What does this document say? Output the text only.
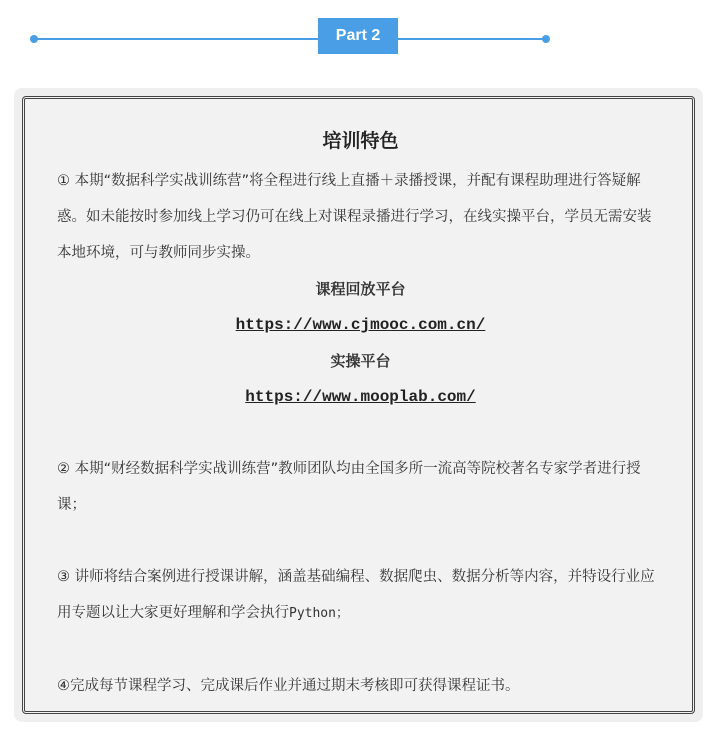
Part 2
培训特色

① 本期“数据科学实战训练营”将全程进行线上直播＋录播授课，并配有课程助理进行答疑解惑。如未能按时参加线上学习仍可在线上对课程录播进行学习，在线实操平台，学员无需安装本地环境，可与教师同步实操。

课程回放平台
https://www.cjmooc.com.cn/
实操平台
https://www.mooplab.com/

② 本期“财经数据科学实战训练营”教师团队均由全国多所一流高等院校著名专家学者进行授课；

③ 讲师将结合案例进行授课讲解，涵盖基础编程、数据爬虫、数据分析等内容，并特设行业应用专题以让大家更好理解和学会执行Python；

④完成每节课程学习、完成课后作业并通过期末考核即可获得课程证书。
